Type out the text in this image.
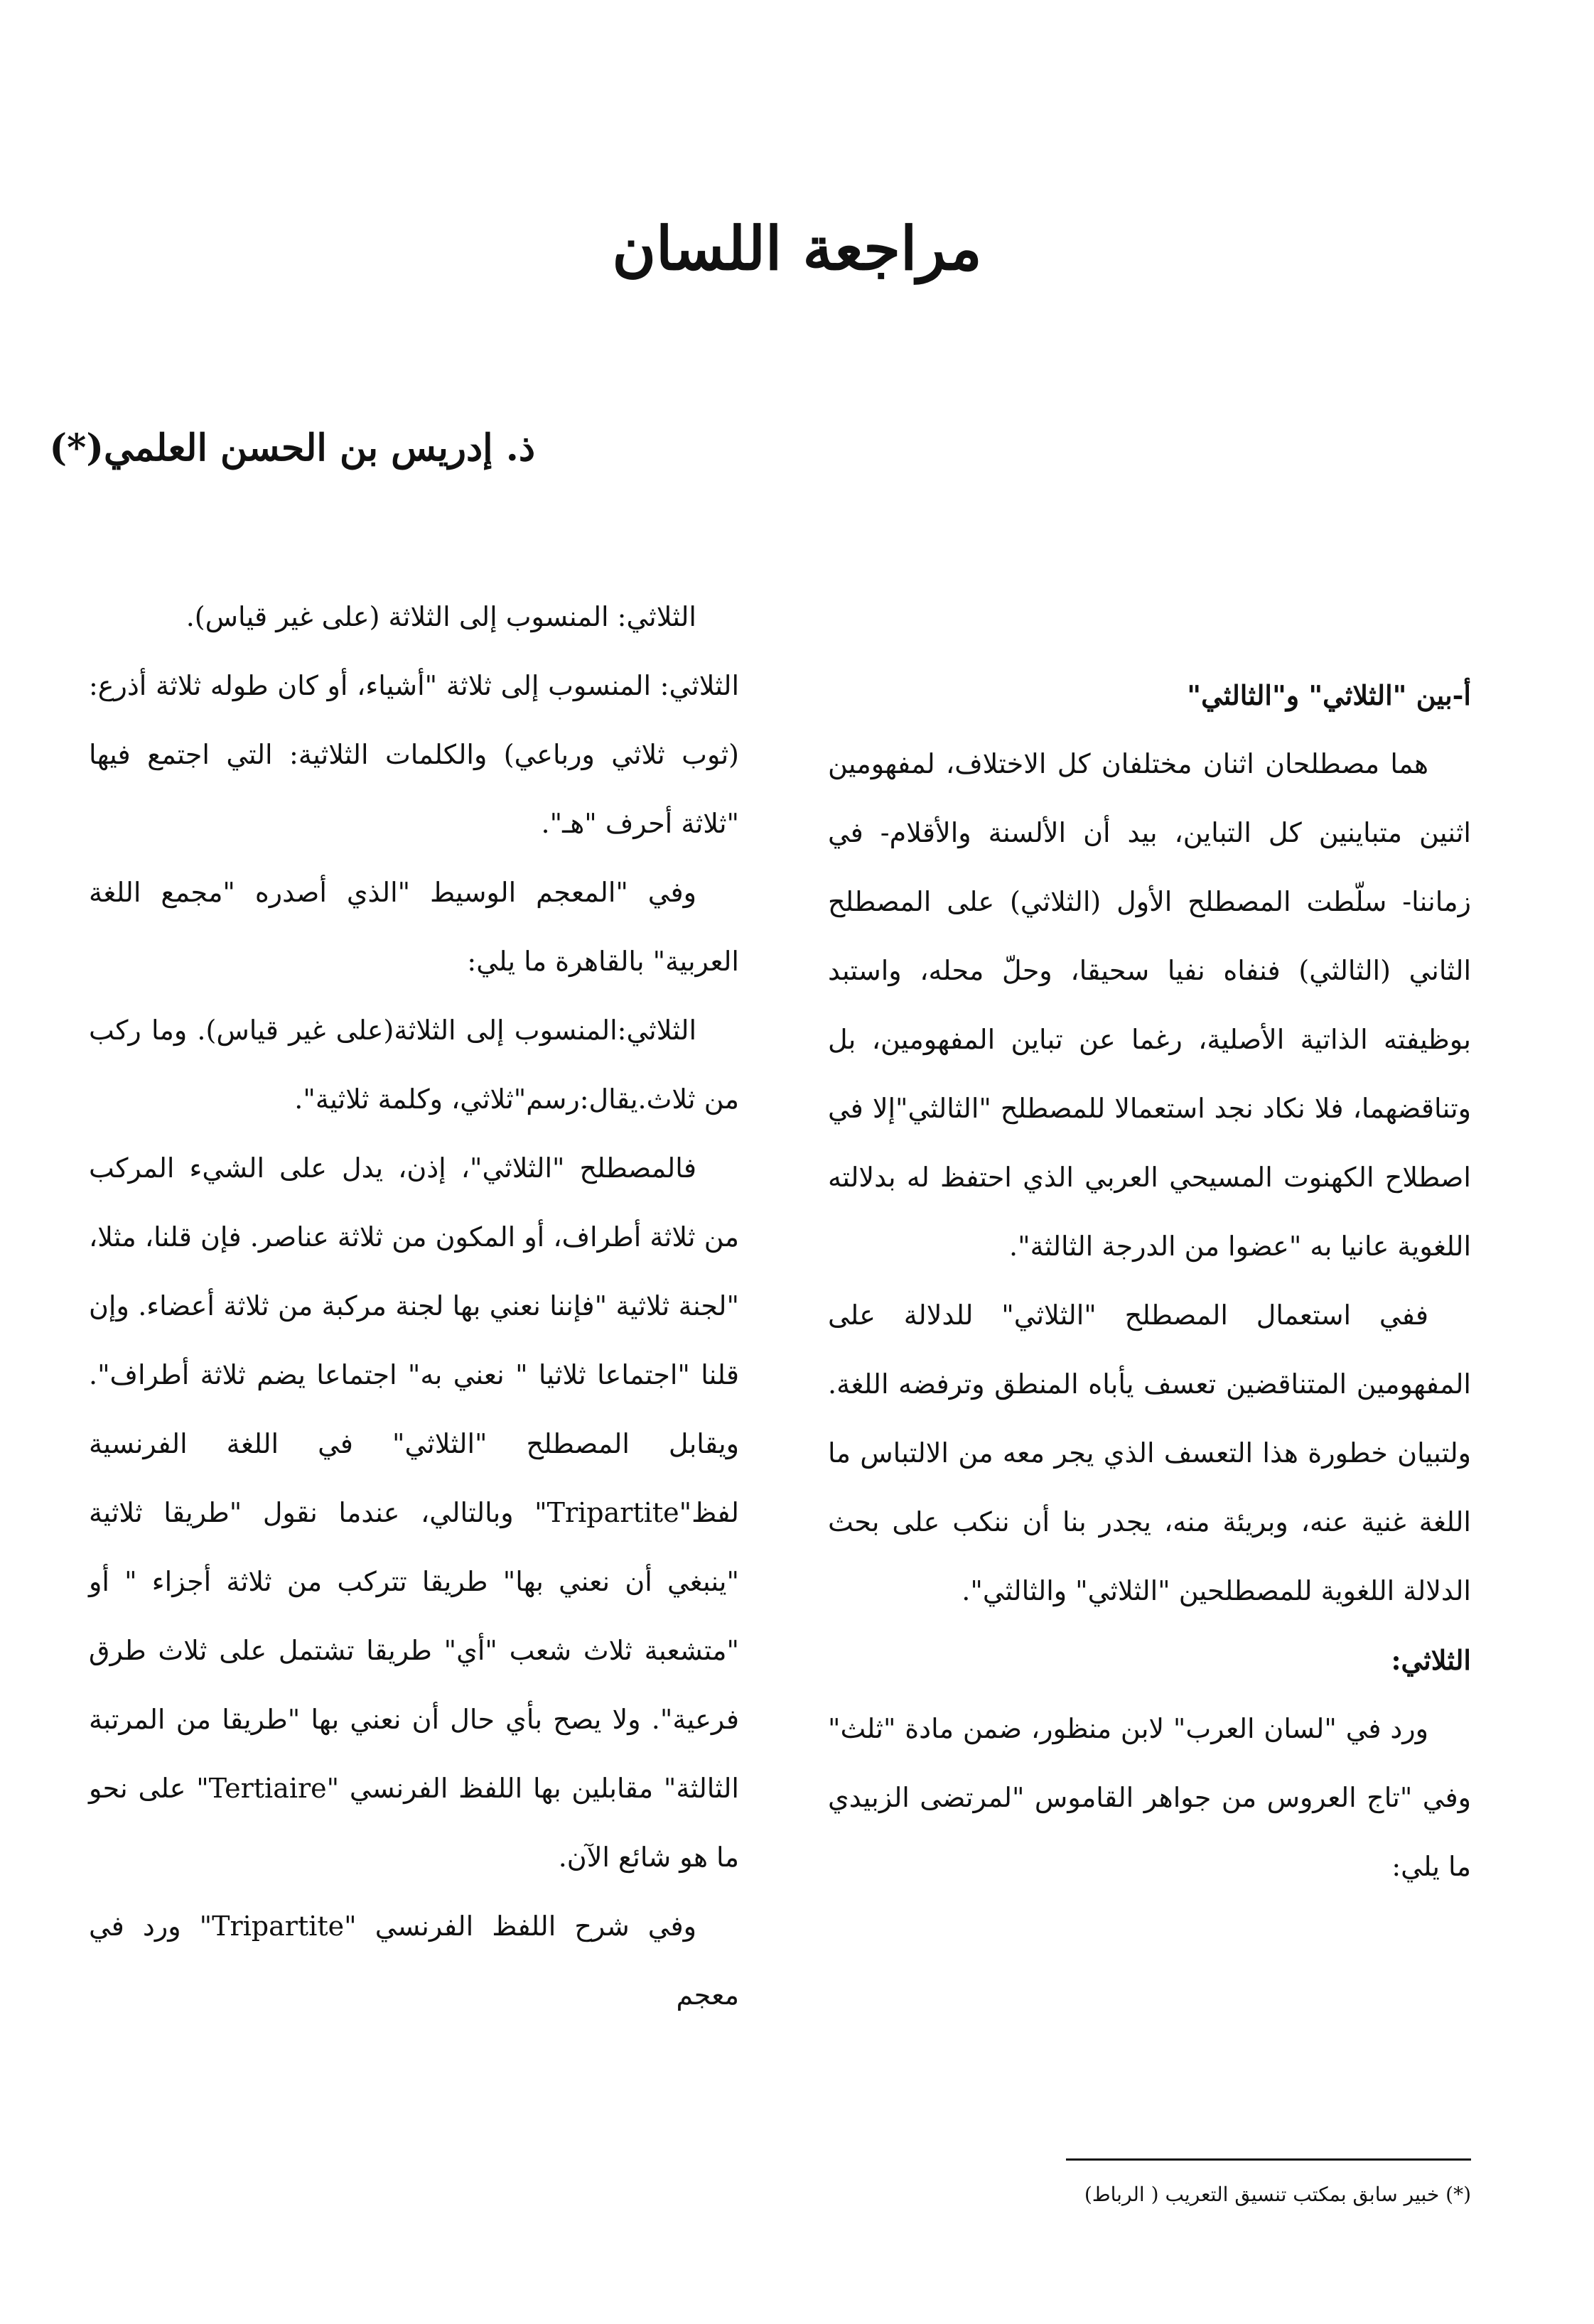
مراجعة اللسان
ذ. إدريس بن الحسن العلمي(*)

أ-بين "الثلاثي" و"الثالثي"

هما مصطلحان اثنان مختلفان كل الاختلاف، لمفهومين اثنين متباينين كل التباين، بيد أن الألسنة والأقلام- في زماننا- سلّطت المصطلح الأول (الثلاثي) على المصطلح الثاني (الثالثي) فنفاه نفيا سحيقا، وحلّ محله، واستبد بوظيفته الذاتية الأصلية، رغما عن تباين المفهومين، بل وتناقضهما، فلا نكاد نجد استعمالا للمصطلح "الثالثي"إلا في اصطلاح الكهنوت المسيحي العربي الذي احتفظ له بدلالته اللغوية عانيا به "عضوا من الدرجة الثالثة".

ففي استعمال المصطلح "الثلاثي" للدلالة على المفهومين المتناقضين تعسف يأباه المنطق وترفضه اللغة. ولتبيان خطورة هذا التعسف الذي يجر معه من الالتباس ما اللغة غنية عنه، وبريئة منه، يجدر بنا أن ننكب على بحث الدلالة اللغوية للمصطلحين "الثلاثي" والثالثي".

الثلاثي:

ورد في "لسان العرب" لابن منظور، ضمن مادة "ثلث" وفي "تاج العروس من جواهر القاموس "لمرتضى الزبيدي ما يلي:

الثلاثي: المنسوب إلى الثلاثة (على غير قياس).

الثلاثي: المنسوب إلى ثلاثة "أشياء، أو كان طوله ثلاثة أذرع: (ثوب ثلاثي ورباعي) والكلمات الثلاثية: التي اجتمع فيها "ثلاثة أحرف "هـ".

وفي "المعجم الوسيط "الذي أصدره "مجمع اللغة العربية" بالقاهرة ما يلي:

الثلاثي:المنسوب إلى الثلاثة(على غير قياس). وما ركب من ثلاث.يقال:رسم"ثلاثي، وكلمة ثلاثية".

فالمصطلح "الثلاثي"، إذن، يدل على الشيء المركب من ثلاثة أطراف، أو المكون من ثلاثة عناصر. فإن قلنا، مثلا، "لجنة ثلاثية "فإننا نعني بها لجنة مركبة من ثلاثة أعضاء. وإن قلنا "اجتماعا ثلاثيا " نعني به" اجتماعا يضم ثلاثة أطراف". ويقابل المصطلح "الثلاثي" في اللغة الفرنسية لفظ"Tripartite" وبالتالي، عندما نقول "طريقا ثلاثية "ينبغي أن نعني بها" طريقا تتركب من ثلاثة أجزاء " أو "متشعبة ثلاث شعب "أي" طريقا تشتمل على ثلاث طرق فرعية". ولا يصح بأي حال أن نعني بها "طريقا من المرتبة الثالثة" مقابلين بها اللفظ الفرنسي "Tertiaire" على نحو ما هو شائع الآن.

وفي شرح اللفظ الفرنسي "Tripartite" ورد في معجم

(*) خبير سابق بمكتب تنسيق التعريب ( الرباط)
